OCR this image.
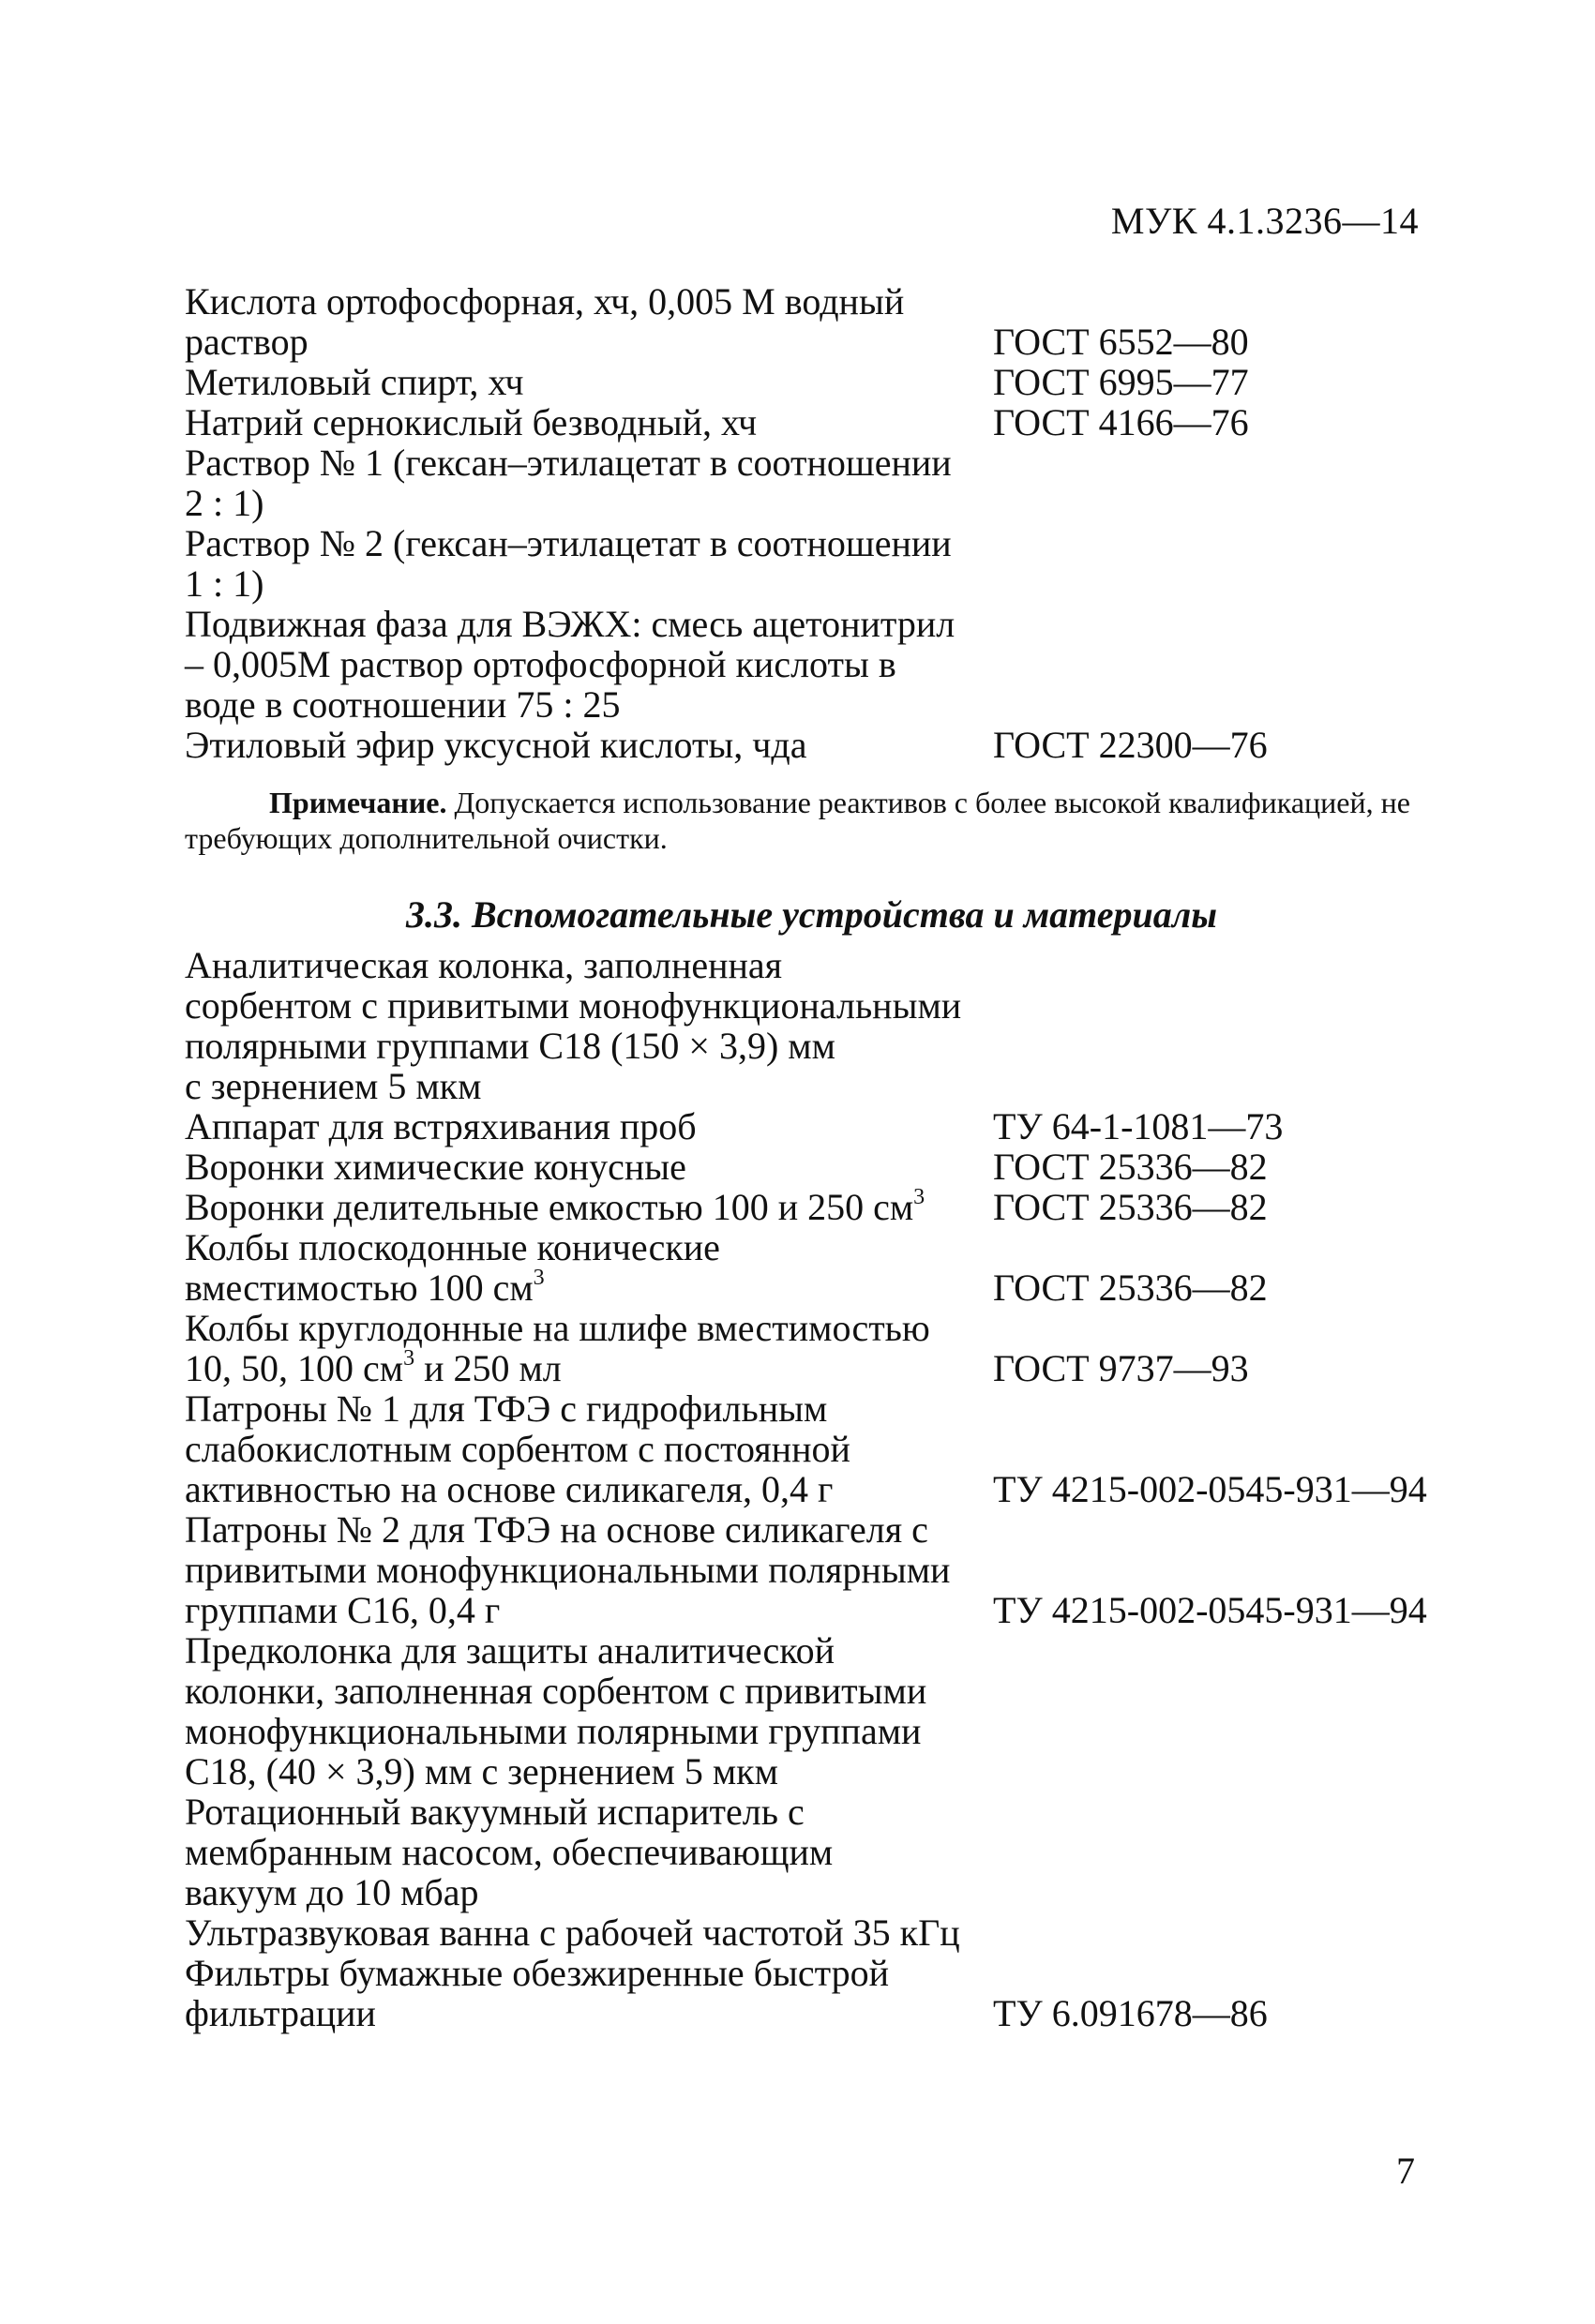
МУК 4.1.3236—14
Кислота ортофосфорная, хч, 0,005 М водный
раствор	ГОСТ 6552—80
Метиловый спирт, хч	ГОСТ 6995—77
Натрий сернокислый безводный, хч	ГОСТ 4166—76
Раствор № 1 (гексан–этилацетат в соотношении
2 : 1)
Раствор № 2 (гексан–этилацетат в соотношении
1 : 1)
Подвижная фаза для ВЭЖХ: смесь ацетонитрил
– 0,005М раствор ортофосфорной кислоты в
воде в соотношении 75 : 25
Этиловый эфир уксусной кислоты, чда	ГОСТ 22300—76
Примечание. Допускается использование реактивов с более высокой квалификацией, не требующих дополнительной очистки.
3.3. Вспомогательные устройства и материалы
Аналитическая колонка, заполненная
сорбентом с привитыми монофункциональными
полярными группами С18 (150 × 3,9) мм
с зернением 5 мкм
Аппарат для встряхивания проб	ТУ 64-1-1081—73
Воронки химические конусные	ГОСТ 25336—82
Воронки делительные емкостью 100 и 250 $см^3$	ГОСТ 25336—82
Колбы плоскодонные конические
вместимостью 100 $см^3$	ГОСТ 25336—82
Колбы круглодонные на шлифе вместимостью
10, 50, 100 $см^3$ и 250 мл	ГОСТ 9737—93
Патроны № 1 для ТФЭ с гидрофильным
слабокислотным сорбентом с постоянной
активностью на основе силикагеля, 0,4 г	ТУ 4215-002-0545-931—94
Патроны № 2 для ТФЭ на основе силикагеля с
привитыми монофункциональными полярными
группами С16, 0,4 г	ТУ 4215-002-0545-931—94
Предколонка для защиты аналитической
колонки, заполненная сорбентом с привитыми
монофункциональными полярными группами
С18, (40 × 3,9) мм с зернением 5 мкм
Ротационный вакуумный испаритель с
мембранным насосом, обеспечивающим
вакуум до 10 мбар
Ультразвуковая ванна с рабочей частотой 35 кГц
Фильтры бумажные обезжиренные быстрой
фильтрации	ТУ 6.091678—86
7
